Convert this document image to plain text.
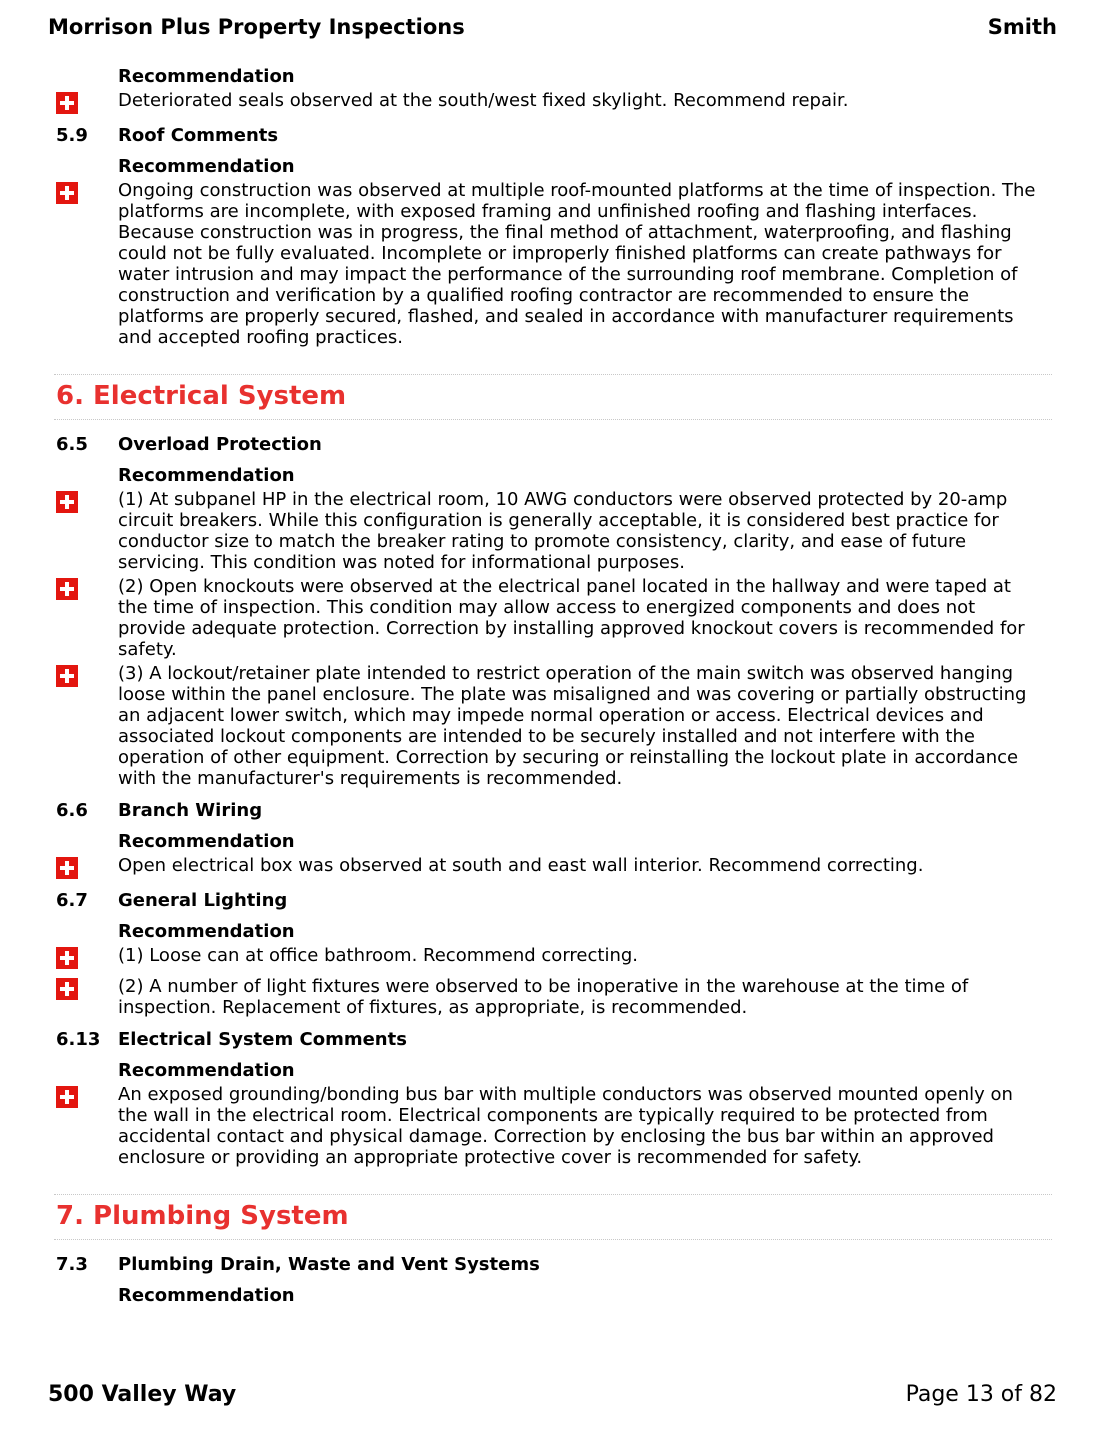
Morrison Plus Property Inspections	Smith
Recommendation
Deteriorated seals observed at the south/west fixed skylight. Recommend repair.
5.9	Roof Comments
Recommendation
Ongoing construction was observed at multiple roof-mounted platforms at the time of inspection. The platforms are incomplete, with exposed framing and unfinished roofing and flashing interfaces. Because construction was in progress, the final method of attachment, waterproofing, and flashing could not be fully evaluated. Incomplete or improperly finished platforms can create pathways for water intrusion and may impact the performance of the surrounding roof membrane. Completion of construction and verification by a qualified roofing contractor are recommended to ensure the platforms are properly secured, flashed, and sealed in accordance with manufacturer requirements and accepted roofing practices.
6. Electrical System
6.5	Overload Protection
Recommendation
(1) At subpanel HP in the electrical room, 10 AWG conductors were observed protected by 20-amp circuit breakers. While this configuration is generally acceptable, it is considered best practice for conductor size to match the breaker rating to promote consistency, clarity, and ease of future servicing. This condition was noted for informational purposes.
(2) Open knockouts were observed at the electrical panel located in the hallway and were taped at the time of inspection. This condition may allow access to energized components and does not provide adequate protection. Correction by installing approved knockout covers is recommended for safety.
(3) A lockout/retainer plate intended to restrict operation of the main switch was observed hanging loose within the panel enclosure. The plate was misaligned and was covering or partially obstructing an adjacent lower switch, which may impede normal operation or access. Electrical devices and associated lockout components are intended to be securely installed and not interfere with the operation of other equipment. Correction by securing or reinstalling the lockout plate in accordance with the manufacturer's requirements is recommended.
6.6	Branch Wiring
Recommendation
Open electrical box was observed at south and east wall interior. Recommend correcting.
6.7	General Lighting
Recommendation
(1) Loose can at office bathroom. Recommend correcting.
(2) A number of light fixtures were observed to be inoperative in the warehouse at the time of inspection. Replacement of fixtures, as appropriate, is recommended.
6.13 Electrical System Comments
Recommendation
An exposed grounding/bonding bus bar with multiple conductors was observed mounted openly on the wall in the electrical room. Electrical components are typically required to be protected from accidental contact and physical damage. Correction by enclosing the bus bar within an approved enclosure or providing an appropriate protective cover is recommended for safety.
7. Plumbing System
7.3	Plumbing Drain, Waste and Vent Systems
Recommendation
500 Valley Way	Page 13 of 82
